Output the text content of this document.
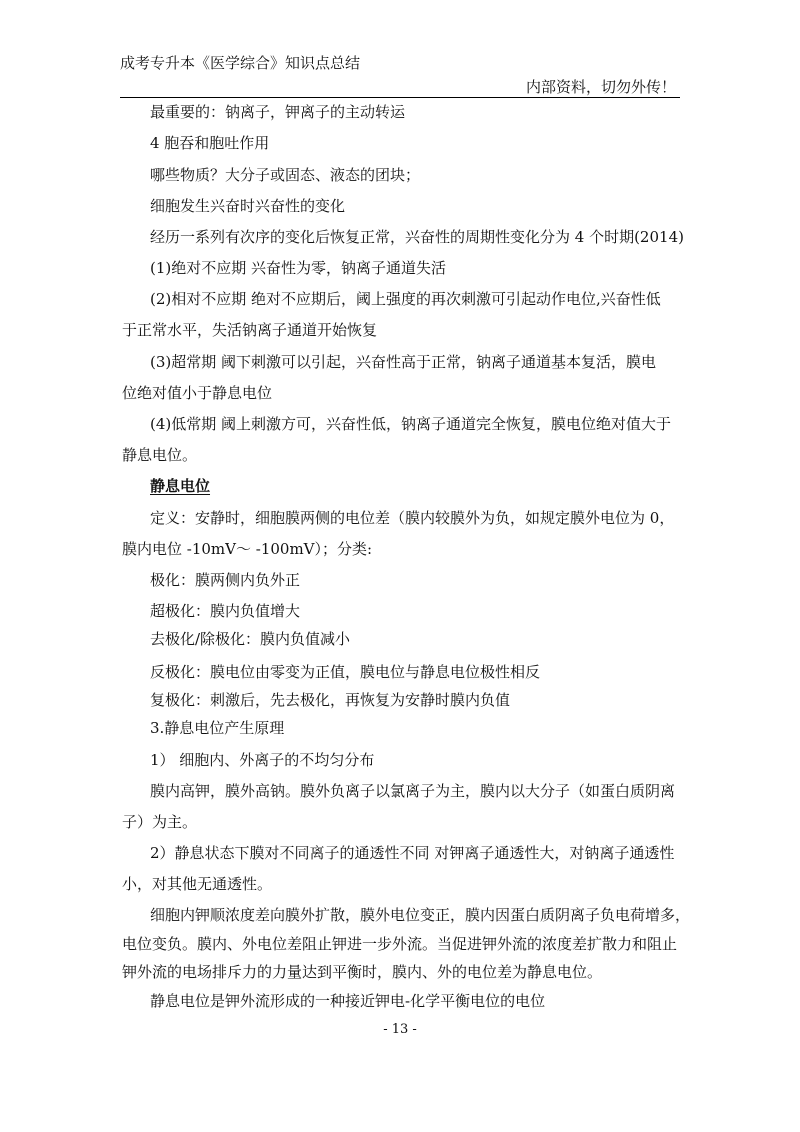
成考专升本《医学综合》知识点总结
内部资料，切勿外传！
最重要的：钠离子，钾离子的主动转运
4 胞吞和胞吐作用
哪些物质？大分子或固态、液态的团块；
细胞发生兴奋时兴奋性的变化
经历一系列有次序的变化后恢复正常，兴奋性的周期性变化分为 4 个时期(2014)
(1)绝对不应期 兴奋性为零，钠离子通道失活
(2)相对不应期 绝对不应期后，阈上强度的再次刺激可引起动作电位,兴奋性低
于正常水平，失活钠离子通道开始恢复
(3)超常期 阈下刺激可以引起，兴奋性高于正常，钠离子通道基本复活，膜电
位绝对值小于静息电位
(4)低常期 阈上刺激方可，兴奋性低，钠离子通道完全恢复，膜电位绝对值大于
静息电位。
静息电位
定义：安静时，细胞膜两侧的电位差（膜内较膜外为负，如规定膜外电位为 0，
膜内电位 -10mV～ -100mV）；分类:
极化：膜两侧内负外正
超极化：膜内负值增大
去极化/除极化：膜内负值减小
反极化：膜电位由零变为正值，膜电位与静息电位极性相反
复极化：刺激后，先去极化，再恢复为安静时膜内负值
3.静息电位产生原理
1） 细胞内、外离子的不均匀分布
膜内高钾，膜外高钠。膜外负离子以氯离子为主，膜内以大分子（如蛋白质阴离
子）为主。
2）静息状态下膜对不同离子的通透性不同 对钾离子通透性大，对钠离子通透性
小，对其他无通透性。
细胞内钾顺浓度差向膜外扩散，膜外电位变正，膜内因蛋白质阴离子负电荷增多，
电位变负。膜内、外电位差阻止钾进一步外流。当促进钾外流的浓度差扩散力和阻止
钾外流的电场排斥力的力量达到平衡时，膜内、外的电位差为静息电位。
静息电位是钾外流形成的一种接近钾电-化学平衡电位的电位
- 13 -
